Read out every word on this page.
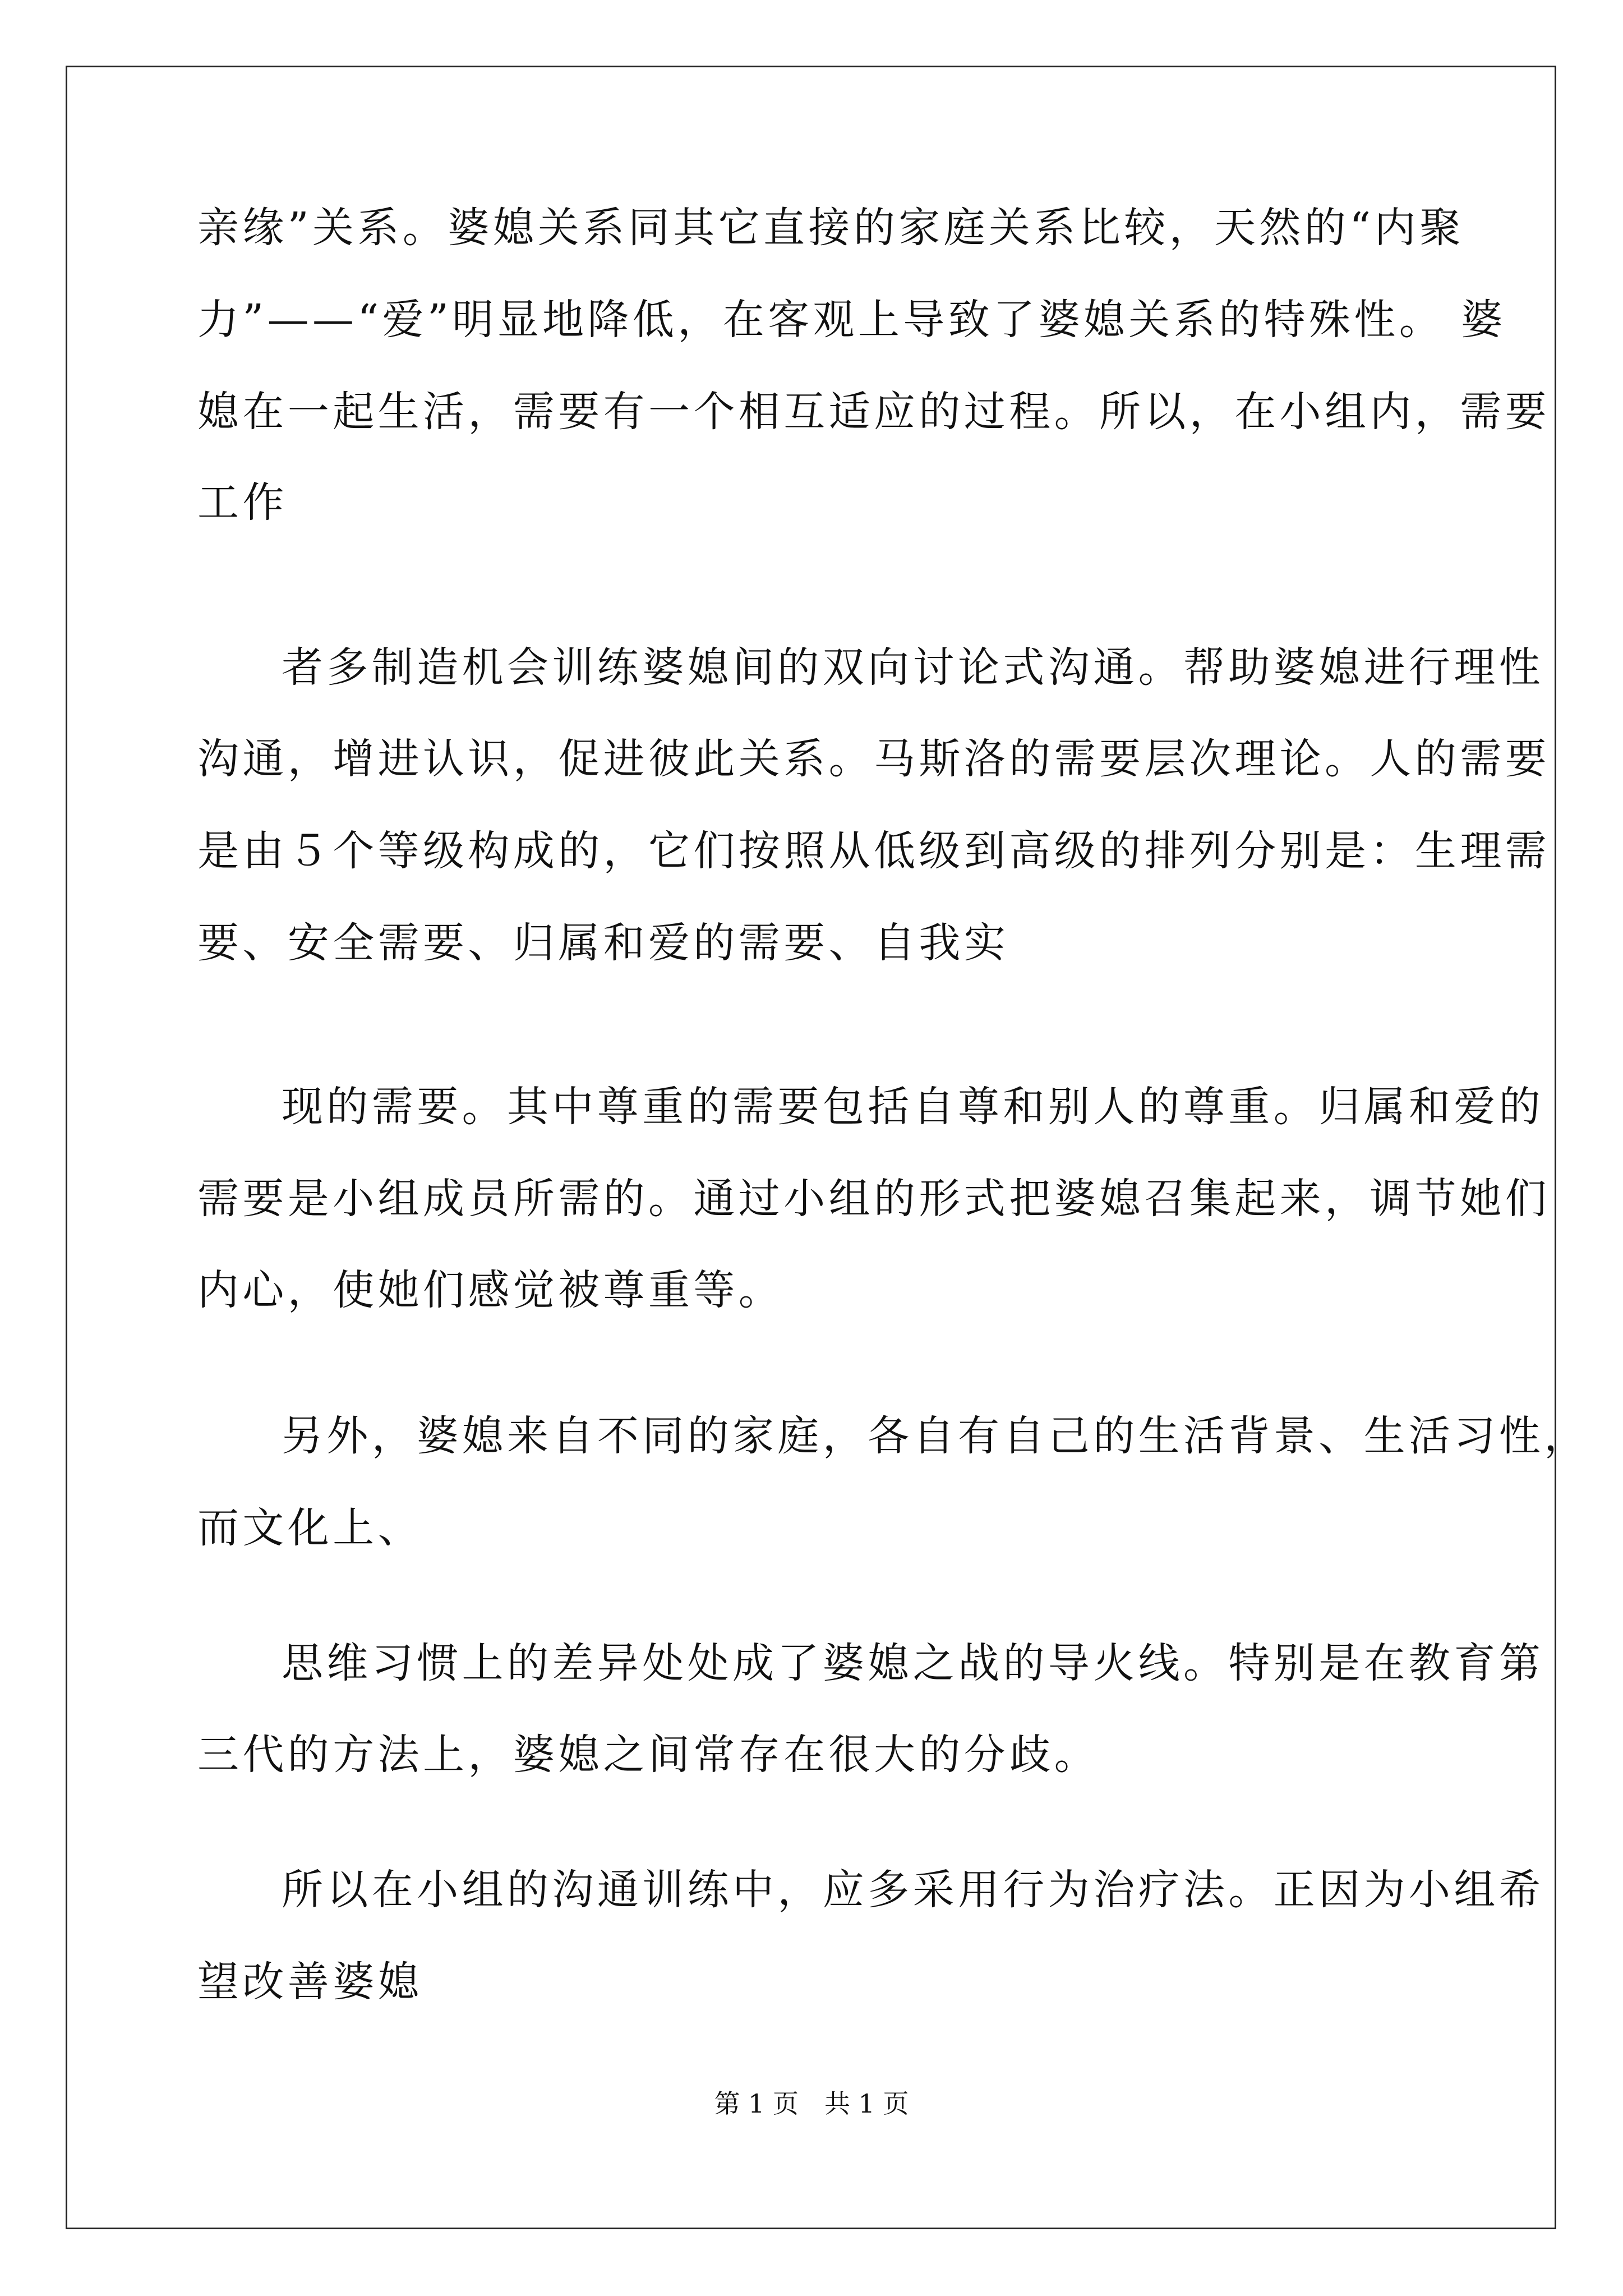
亲缘”关系。婆媳关系同其它直接的家庭关系比较，天然的“内聚
力”——“爱”明显地降低，在客观上导致了婆媳关系的特殊性。 婆
媳在一起生活，需要有一个相互适应的过程。所以，在小组内，需要
工作
者多制造机会训练婆媳间的双向讨论式沟通。帮助婆媳进行理性
沟通，增进认识，促进彼此关系。马斯洛的需要层次理论。人的需要
是由５个等级构成的，它们按照从低级到高级的排列分别是：生理需
要、安全需要、归属和爱的需要、自我实
现的需要。其中尊重的需要包括自尊和别人的尊重。归属和爱的
需要是小组成员所需的。通过小组的形式把婆媳召集起来，调节她们
内心，使她们感觉被尊重等。
另外，婆媳来自不同的家庭，各自有自己的生活背景、生活习性，
而文化上、
思维习惯上的差异处处成了婆媳之战的导火线。特别是在教育第
三代的方法上，婆媳之间常存在很大的分歧。
所以在小组的沟通训练中，应多采用行为治疗法。正因为小组希
望改善婆媳
第 1 页　共 1 页
